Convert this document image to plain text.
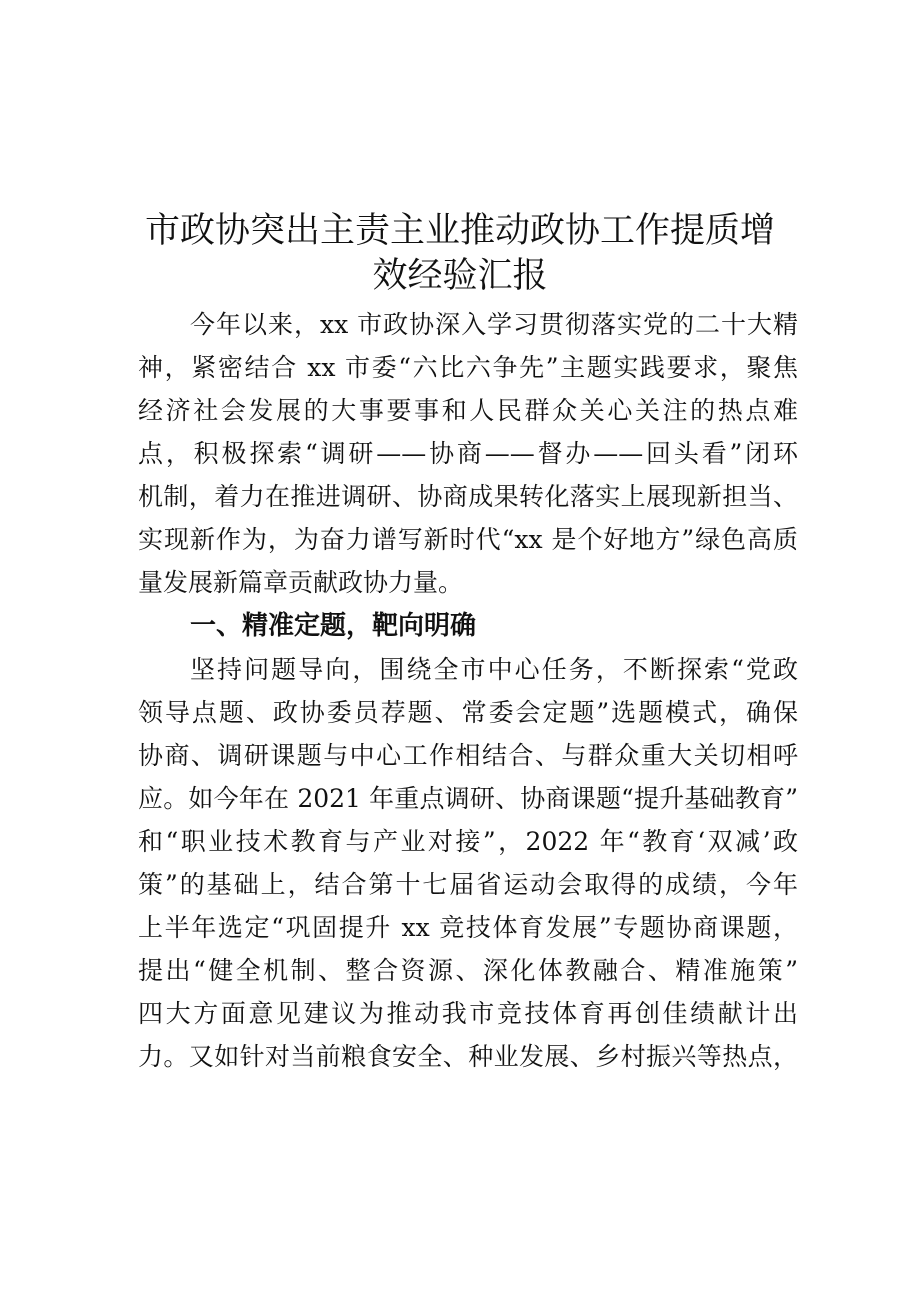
市政协突出主责主业推动政协工作提质增
效经验汇报

今年以来，xx 市政协深入学习贯彻落实党的二十大精

神，紧密结合 xx 市委“六比六争先”主题实践要求，聚焦

经济社会发展的大事要事和人民群众关心关注的热点难

点，积极探索“调研——协商——督办——回头看”闭环

机制，着力在推进调研、协商成果转化落实上展现新担当、

实现新作为，为奋力谱写新时代“xx 是个好地方”绿色高质

量发展新篇章贡献政协力量。

一、精准定题，靶向明确

坚持问题导向，围绕全市中心任务，不断探索“党政

领导点题、政协委员荐题、常委会定题”选题模式，确保

协商、调研课题与中心工作相结合、与群众重大关切相呼

应。如今年在 2021 年重点调研、协商课题“提升基础教育”

和“职业技术教育与产业对接”，2022 年“教育‘双减’政

策”的基础上，结合第十七届省运动会取得的成绩，今年

上半年选定“巩固提升 xx 竞技体育发展”专题协商课题，

提出“健全机制、整合资源、深化体教融合、精准施策”

四大方面意见建议为推动我市竞技体育再创佳绩献计出

力。又如针对当前粮食安全、种业发展、乡村振兴等热点，
